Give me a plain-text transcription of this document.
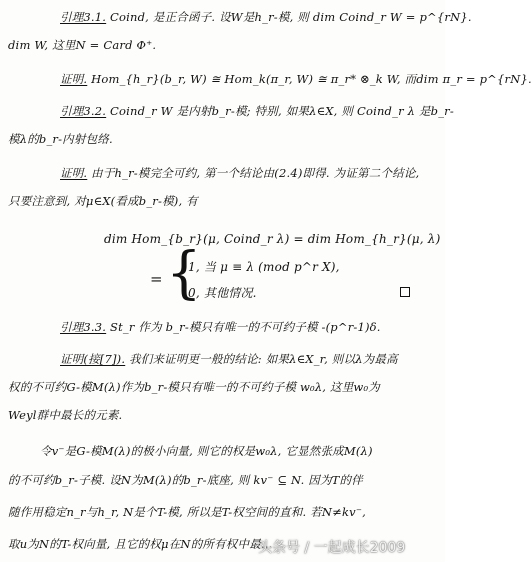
引理3.1. Coind, 是正合函子. 设W是h_r-模, 则 dim Coind_r W = p^{rN}.
dim W, 这里N = Card Φ⁺.
证明. Hom_{h_r}(b_r, W) ≅ Hom_k(π_r, W) ≅ π_r* ⊗_k W, 而dim π_r = p^{rN}.
引理3.2. Coind_r W 是内射b_r-模; 特别, 如果λ∈X, 则 Coind_r λ 是b_r-
模λ的b_r-内射包络.
证明. 由于h_r-模完全可约, 第一个结论由(2.4)即得. 为证第二个结论,
只要注意到, 对μ∈X(看成b_r-模), 有
dim Hom_{b_r}(μ, Coind_r λ) = dim Hom_{h_r}(μ, λ)
= {
1, 当 μ ≡ λ (mod p^r X),
0, 其他情况.
引理3.3. St_r 作为 b_r-模只有唯一的不可约子模 -(p^r-1)δ.
证明(接[7]). 我们来证明更一般的结论: 如果λ∈X_r, 则以λ为最高
权的不可约G-模M(λ)作为b_r-模只有唯一的不可约子模 w₀λ, 这里w₀为
Weyl群中最长的元素.
令v⁻是G-模M(λ)的极小向量, 则它的权是w₀λ, 它显然张成M(λ)
的不可约b_r-子模. 设N为M(λ)的b_r-底座, 则 kv⁻ ⊆ N. 因为T的伴
随作用稳定n_r与h_r, N是个T-模, 所以是T-权空间的直和. 若N≠kv⁻,
取u为N的T-权向量, 且它的权μ在N的所有权中最…
头条号 / 一起成长2009
